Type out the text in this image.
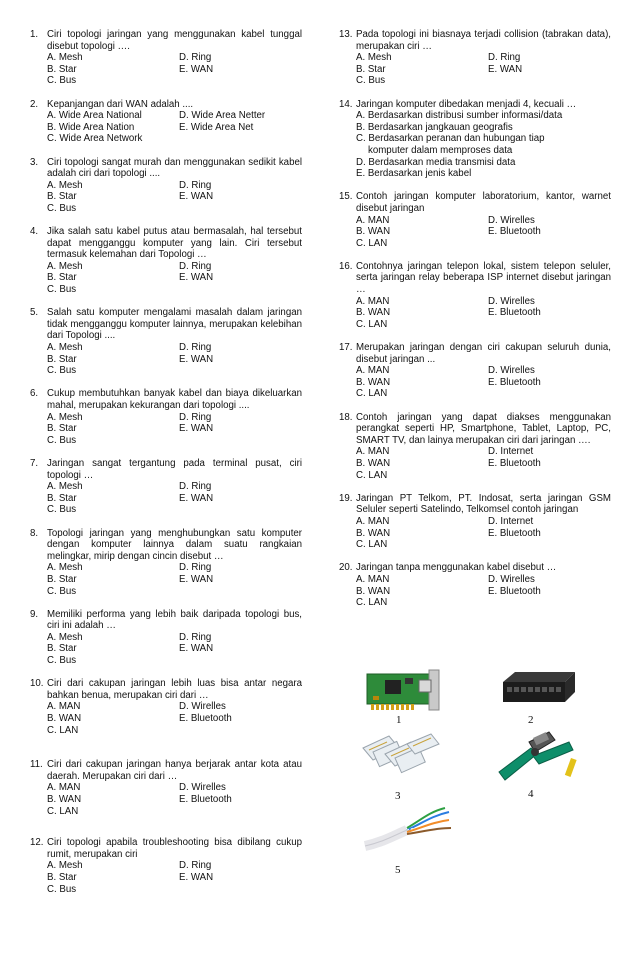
1. Ciri topologi jaringan yang menggunakan kabel tunggal disebut topologi ….
A. Mesh	D. Ring
B. Star	E. WAN
C. Bus
2. Kepanjangan dari WAN adalah ....
A. Wide Area National	D. Wide Area Netter
B. Wide Area Nation	E. Wide Area Net
C. Wide Area Network
3. Ciri topologi sangat murah dan menggunakan sedikit kabel adalah ciri dari topologi ....
A. Mesh	D. Ring
B. Star	E. WAN
C. Bus
4. Jika salah satu kabel putus atau bermasalah, hal tersebut dapat mengganggu komputer yang lain. Ciri tersebut termasuk kelemahan dari Topologi …
A. Mesh	D. Ring
B. Star	E. WAN
C. Bus
5. Salah satu komputer mengalami masalah dalam jaringan tidak mengganggu komputer lainnya, merupakan kelebihan dari Topologi ....
A. Mesh	D. Ring
B. Star	E. WAN
C. Bus
6. Cukup membutuhkan banyak kabel dan biaya dikeluarkan mahal, merupakan kekurangan dari topologi ....
A. Mesh	D. Ring
B. Star	E. WAN
C. Bus
7. Jaringan sangat tergantung pada terminal pusat, ciri topologi …
A. Mesh	D. Ring
B. Star	E. WAN
C. Bus
8. Topologi jaringan yang menghubungkan satu komputer dengan komputer lainnya dalam suatu rangkaian melingkar, mirip dengan cincin disebut …
A. Mesh	D. Ring
B. Star	E. WAN
C. Bus
9. Memiliki performa yang lebih baik daripada topologi bus, ciri ini adalah …
A. Mesh	D. Ring
B. Star	E. WAN
C. Bus
10. Ciri dari cakupan jaringan lebih luas bisa antar negara bahkan benua, merupakan ciri dari …
A. MAN	D. Wirelles
B. WAN	E. Bluetooth
C. LAN
11. Ciri dari cakupan jaringan hanya berjarak antar kota atau daerah. Merupakan ciri dari …
A. MAN	D. Wirelles
B. WAN	E. Bluetooth
C. LAN
12. Ciri topologi apabila troubleshooting bisa dibilang cukup rumit, merupakan ciri
A. Mesh	D. Ring
B. Star	E. WAN
C. Bus
13. Pada topologi ini biasnaya terjadi collision (tabrakan data), merupakan ciri …
A. Mesh	D. Ring
B. Star	E. WAN
C. Bus
14. Jaringan komputer dibedakan menjadi 4, kecuali …
A. Berdasarkan distribusi sumber informasi/data
B. Berdasarkan jangkauan geografis
C. Berdasarkan peranan dan hubungan tiap
komputer dalam memproses data
D. Berdasarkan media transmisi data
E. Berdasarkan jenis kabel
15. Contoh jaringan komputer laboratorium, kantor, warnet disebut jaringan
A. MAN	D. Wirelles
B. WAN	E. Bluetooth
C. LAN
16. Contohnya jaringan telepon lokal, sistem telepon seluler, serta jaringan relay beberapa ISP internet disebut jaringan …
A. MAN	D. Wirelles
B. WAN	E. Bluetooth
C. LAN
17. Merupakan jaringan dengan ciri cakupan seluruh dunia, disebut jaringan ...
A. MAN	D. Wirelles
B. WAN	E. Bluetooth
C. LAN
18. Contoh jaringan yang dapat diakses menggunakan perangkat seperti HP, Smartphone, Tablet, Laptop, PC, SMART TV, dan lainya merupakan ciri dari jaringan ….
A. MAN	D. Internet
B. WAN	E. Bluetooth
C. LAN
19. Jaringan PT Telkom, PT. Indosat, serta jaringan GSM Seluler seperti Satelindo, Telkomsel contoh jaringan
A. MAN	D. Internet
B. WAN	E. Bluetooth
C. LAN
20. Jaringan tanpa menggunakan kabel disebut …
A. MAN	D. Wirelles
B. WAN	E. Bluetooth
C. LAN
1	2
3	4
5
